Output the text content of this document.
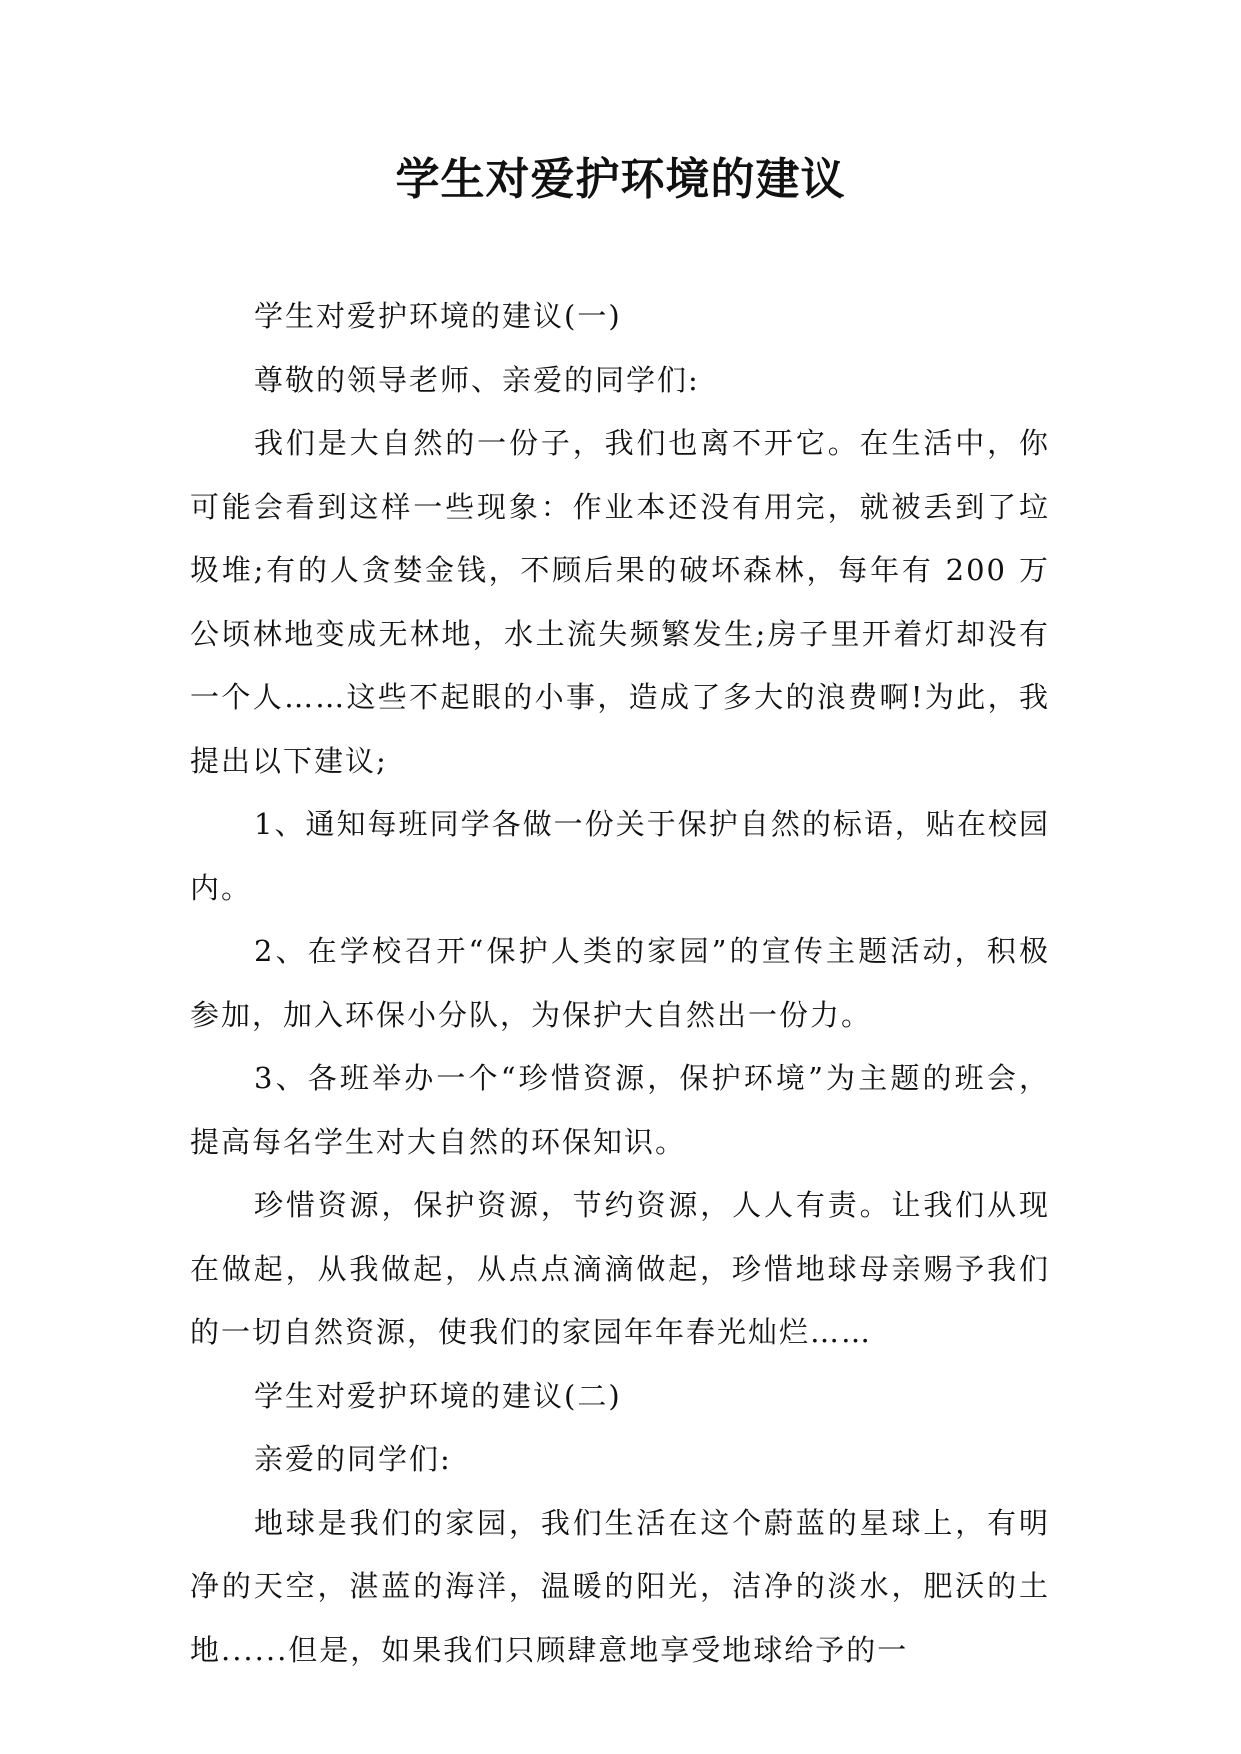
学生对爱护环境的建议

学生对爱护环境的建议(一)

尊敬的领导老师、亲爱的同学们:

我们是大自然的一份子，我们也离不开它。在生活中，你可能会看到这样一些现象：作业本还没有用完，就被丢到了垃圾堆;有的人贪婪金钱，不顾后果的破坏森林，每年有 200 万公顷林地变成无林地，水土流失频繁发生;房子里开着灯却没有一个人……这些不起眼的小事，造成了多大的浪费啊!为此，我提出以下建议;

1、通知每班同学各做一份关于保护自然的标语，贴在校园内。

2、在学校召开“保护人类的家园”的宣传主题活动，积极参加，加入环保小分队，为保护大自然出一份力。

3、各班举办一个“珍惜资源，保护环境”为主题的班会，提高每名学生对大自然的环保知识。

珍惜资源，保护资源，节约资源，人人有责。让我们从现在做起，从我做起，从点点滴滴做起，珍惜地球母亲赐予我们的一切自然资源，使我们的家园年年春光灿烂……

学生对爱护环境的建议(二)

亲爱的同学们:

地球是我们的家园，我们生活在这个蔚蓝的星球上，有明净的天空，湛蓝的海洋，温暖的阳光，洁净的淡水，肥沃的土地......但是，如果我们只顾肆意地享受地球给予的一
